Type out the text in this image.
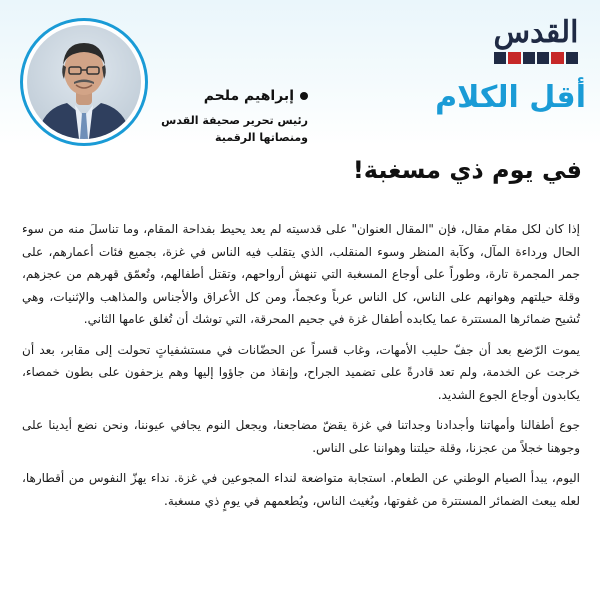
القدس
أقل الكلام
إبراهيم ملحم
رئيس تحرير صحيفة القدس ومنصاتها الرقمية
في يوم ذي مسغبة!

إذا كان لكل مقام مقال، فإن "المقال العنوان" على قدسيته لم يعد يحيط بفداحة المقام، وما تناسلَ منه من سوء الحال ورداءة المآل، وكآبة المنظر وسوء المنقلب، الذي يتقلب فيه الناس في غزة، بجميع فئات أعمارهم، على جمر المجمرة تارة، وطوراً على أوجاع المسغبة التي تنهش أرواحهم، وتقتل أطفالهم، وتُعمّق قهرهم من عجزهم، وقلة حيلتهم وهوانهم على الناس، كل الناس عرباً وعجماً، ومن كل الأعراق والأجناس والمذاهب والإثنيات، وهي تُشيح ضمائرها المستترة عما يكابده أطفال غزة في جحيم المحرقة، التي توشك أن تُغلق عامها الثاني.

يموت الرّضع بعد أن جفّ حليب الأمهات، وغاب قسراً عن الحضّانات في مستشفياتٍ تحولت إلى مقابر، بعد أن خرجت عن الخدمة، ولم تعد قادرةً على تضميد الجراح، وإنقاذ من جاؤوا إليها وهم يزحفون على بطون خمصاء، يكابدون أوجاع الجوع الشديد.

جوع أطفالنا وأمهاتنا وأجدادنا وجداتنا في غزة يقضّ مضاجعنا، ويجعل النوم يجافي عيوننا، ونحن نضع أيدينا على وجوهنا خجلاً من عجزنا، وقلة حيلتنا وهواننا على الناس.

اليوم، يبدأ الصيام الوطني عن الطعام. استجابة متواضعة لنداء المجوعين في غزة. نداء يهزّ النفوس من أقطارها، لعله يبعث الضمائر المستترة من غفوتها، ويُغيث الناس، ويُطعمهم في يومٍ ذي مسغبة.
